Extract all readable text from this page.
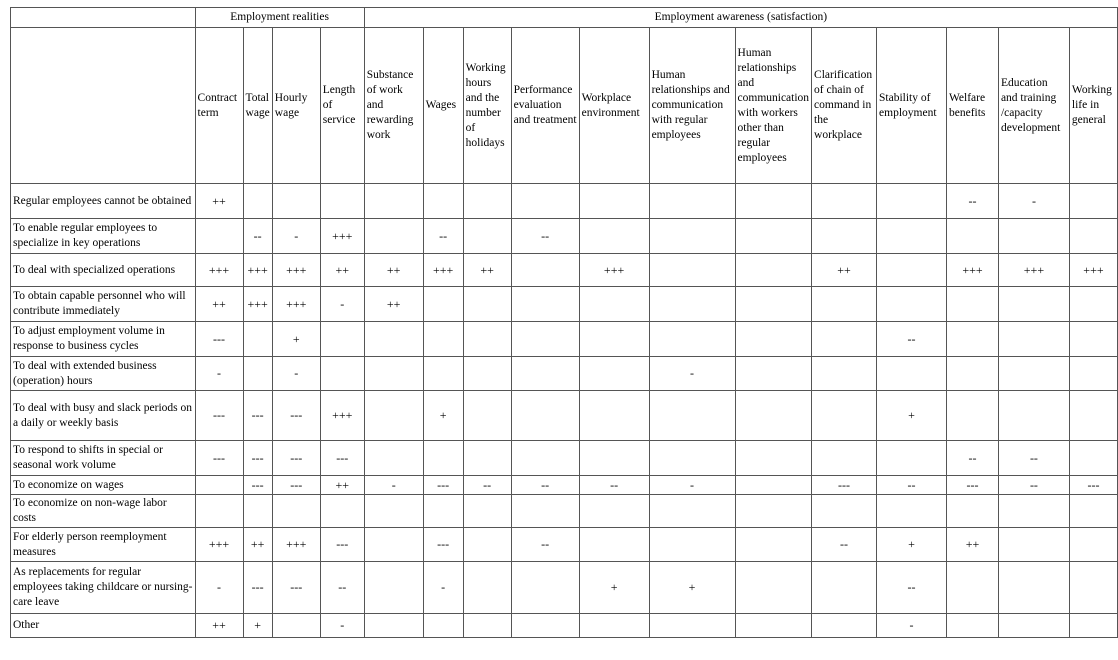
	Employment realities				Employment awareness (satisfaction)											
	Contract term	Total wage	Hourly wage	Length of service	Substance of work and rewarding work	Wages	Working hours and the number of holidays	Performance evaluation and treatment	Workplace environment	Human relationships and communication with regular employees	Human relationships and communication with workers other than regular employees	Clarification of chain of command in the workplace	Stability of employment	Welfare benefits	Education and training /capacity development	Working life in general
Regular employees cannot be obtained	++													--	-	
To enable regular employees to specialize in key operations		--	-	+++		--		--								
To deal with specialized operations	+++	+++	+++	++	++	+++	++		+++			++		+++	+++	+++
To obtain capable personnel who will contribute immediately	++	+++	+++	-	++											
To adjust employment volume in response to business cycles	---		+										--			
To deal with extended business (operation) hours	-		-							-						
To deal with busy and slack periods on a daily or weekly basis	---	---	---	+++		+							+			
To respond to shifts in special or seasonal work volume	---	---	---	---										--	--	
To economize on wages		---	---	++	-	---	--	--	--	-		---	--	---	--	---
To economize on non-wage labor costs																
For elderly person reemployment measures	+++	++	+++	---		---		--				--	+	++		
As replacements for regular employees taking childcare or nursing-care leave	-	---	---	--		-			+	+			--			
Other	++	+		-									-			
